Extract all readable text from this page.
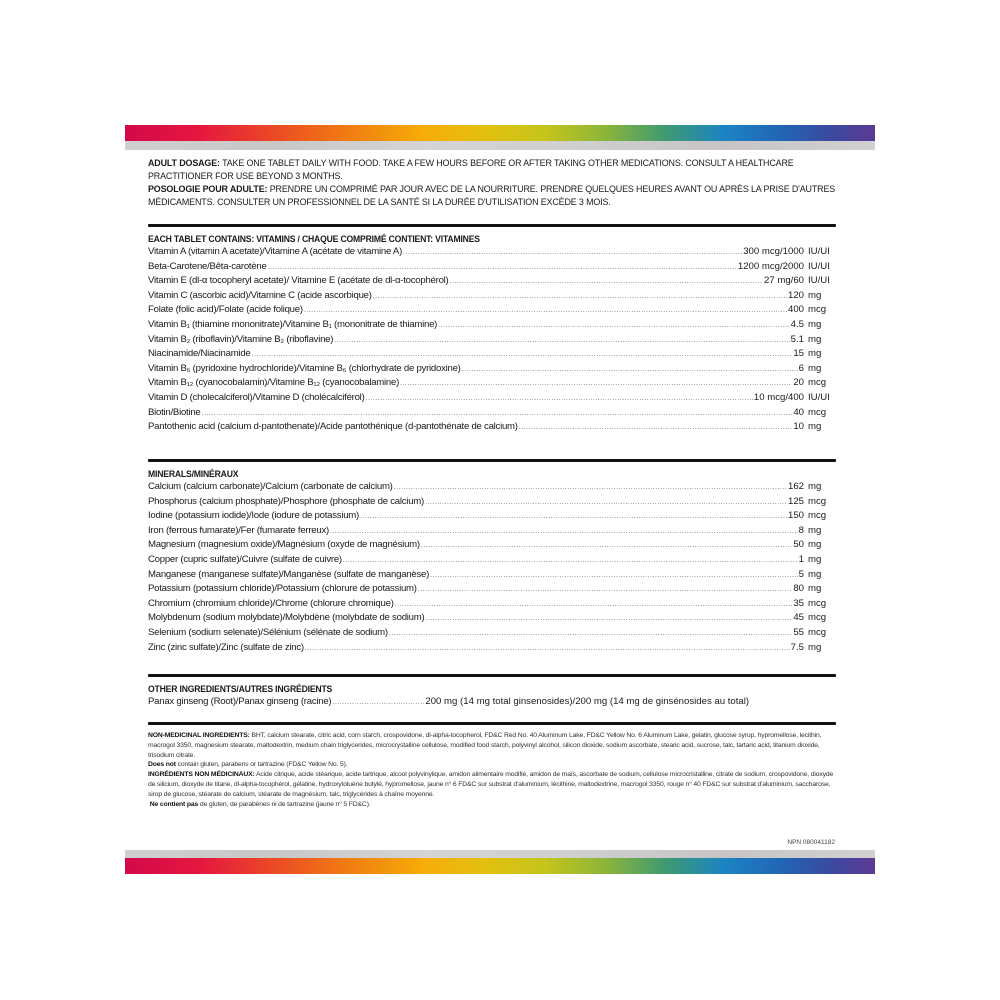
ADULT DOSAGE: TAKE ONE TABLET DAILY WITH FOOD. TAKE A FEW HOURS BEFORE OR AFTER TAKING OTHER MEDICATIONS. CONSULT A HEALTHCARE PRACTITIONER FOR USE BEYOND 3 MONTHS.
POSOLOGIE POUR ADULTE: PRENDRE UN COMPRIMÉ PAR JOUR AVEC DE LA NOURRITURE. PRENDRE QUELQUES HEURES AVANT OU APRÈS LA PRISE D'AUTRES MÉDICAMENTS. CONSULTER UN PROFESSIONNEL DE LA SANTÉ SI LA DURÉE D'UTILISATION EXCÈDE 3 MOIS.
EACH TABLET CONTAINS: VITAMINS / CHAQUE COMPRIMÉ CONTIENT: VITAMINES
Vitamin A (vitamin A acetate)/Vitamine A (acétate de vitamine A) .....	300 mcg/1000 IU/UI
Beta-Carotene/Bêta-carotène .....	1200 mcg/2000 IU/UI
Vitamin E (dl-α tocopheryl acetate)/ Vitamine E (acétate de dl-α-tocophérol) .....	27 mg/60 IU/UI
Vitamin C (ascorbic acid)/Vitamine C (acide ascorbique) .....	120 mg
Folate (folic acid)/Folate (acide folique) .....	400 mcg
Vitamin B₁ (thiamine mononitrate)/Vitamine B₁ (mononitrate de thiamine) .....	4.5 mg
Vitamin B₂ (riboflavin)/Vitamine B₂ (riboflavine) .....	5.1 mg
Niacinamide/Niacinamide .....	15 mg
Vitamin B₆ (pyridoxine hydrochloride)/Vitamine B₆ (chlorhydrate de pyridoxine) .....	6 mg
Vitamin B₁₂ (cyanocobalamin)/Vitamine B₁₂ (cyanocobalamine) .....	20 mcg
Vitamin D (cholecalciferol)/Vitamine D (cholécalciférol) .....	10 mcg/400 IU/UI
Biotin/Biotine .....	40 mcg
Pantothenic acid (calcium d-pantothenate)/Acide pantothénique (d-pantothénate de calcium) .....	10 mg
MINERALS/MINÉRAUX
Calcium (calcium carbonate)/Calcium (carbonate de calcium) .....	162 mg
Phosphorus (calcium phosphate)/Phosphore (phosphate de calcium) .....	125 mcg
Iodine (potassium iodide)/Iode (iodure de potassium) .....	150 mcg
Iron (ferrous fumarate)/Fer (fumarate ferreux) .....	8 mg
Magnesium (magnesium oxide)/Magnésium (oxyde de magnésium) .....	50 mg
Copper (cupric sulfate)/Cuivre (sulfate de cuivre) .....	1 mg
Manganese (manganese sulfate)/Manganèse (sulfate de manganèse) .....	5 mg
Potassium (potassium chloride)/Potassium (chlorure de potassium) .....	80 mg
Chromium (chromium chloride)/Chrome (chlorure chromique) .....	35 mcg
Molybdenum (sodium molybdate)/Molybdène (molybdate de sodium) .....	45 mcg
Selenium (sodium selenate)/Sélénium (sélénate de sodium) .....	55 mcg
Zinc (zinc sulfate)/Zinc (sulfate de zinc) .....	7.5 mg
OTHER INGREDIENTS/AUTRES INGRÉDIENTS
Panax ginseng (Root)/Panax ginseng (racine) .....	200 mg (14 mg total ginsenosides)/200 mg (14 mg de ginsénosides au total)
NON-MEDICINAL INGREDIENTS: BHT, calcium stearate, citric acid, corn starch, crospovidone, dl-alpha-tocopherol, FD&C Red No. 40 Aluminum Lake, FD&C Yellow No. 6 Aluminum Lake, gelatin, glucose syrup, hypromellose, lecithin, macrogol 3350, magnesium stearate, maltodextrin, medium chain triglycerides, microcrystalline cellulose, modified food starch, polyvinyl alcohol, silicon dioxide, sodium ascorbate, stearic acid, sucrose, talc, tartaric acid, titanium dioxide, trisodium citrate.
Does not contain gluten, parabens or tartrazine (FD&C Yellow No. 5).
INGRÉDIENTS NON MÉDICINAUX: Acide citrique, acide stéarique, acide tartrique, alcool polyvinylique, amidon alimentaire modifié, amidon de maïs, ascorbate de sodium, cellulose microcristalline, citrate de sodium, crospovidone, dioxyde de silicium, dioxyde de titane, dl-alpha-tocophérol, gélatine, hydroxytoluène butylé, hypromellose, jaune n° 6 FD&C sur substrat d'aluminium, lécithine, maltodextrine, macrogol 3350, rouge n° 40 FD&C sur substrat d'aluminium, saccharose, sirop de glucose, stéarate de calcium, stéarate de magnésium, talc, triglycérides à chaîne moyenne.
Ne contient pas de gluten, de parabènes ni de tartrazine (jaune n° 5 FD&C).
NPN 080041182
